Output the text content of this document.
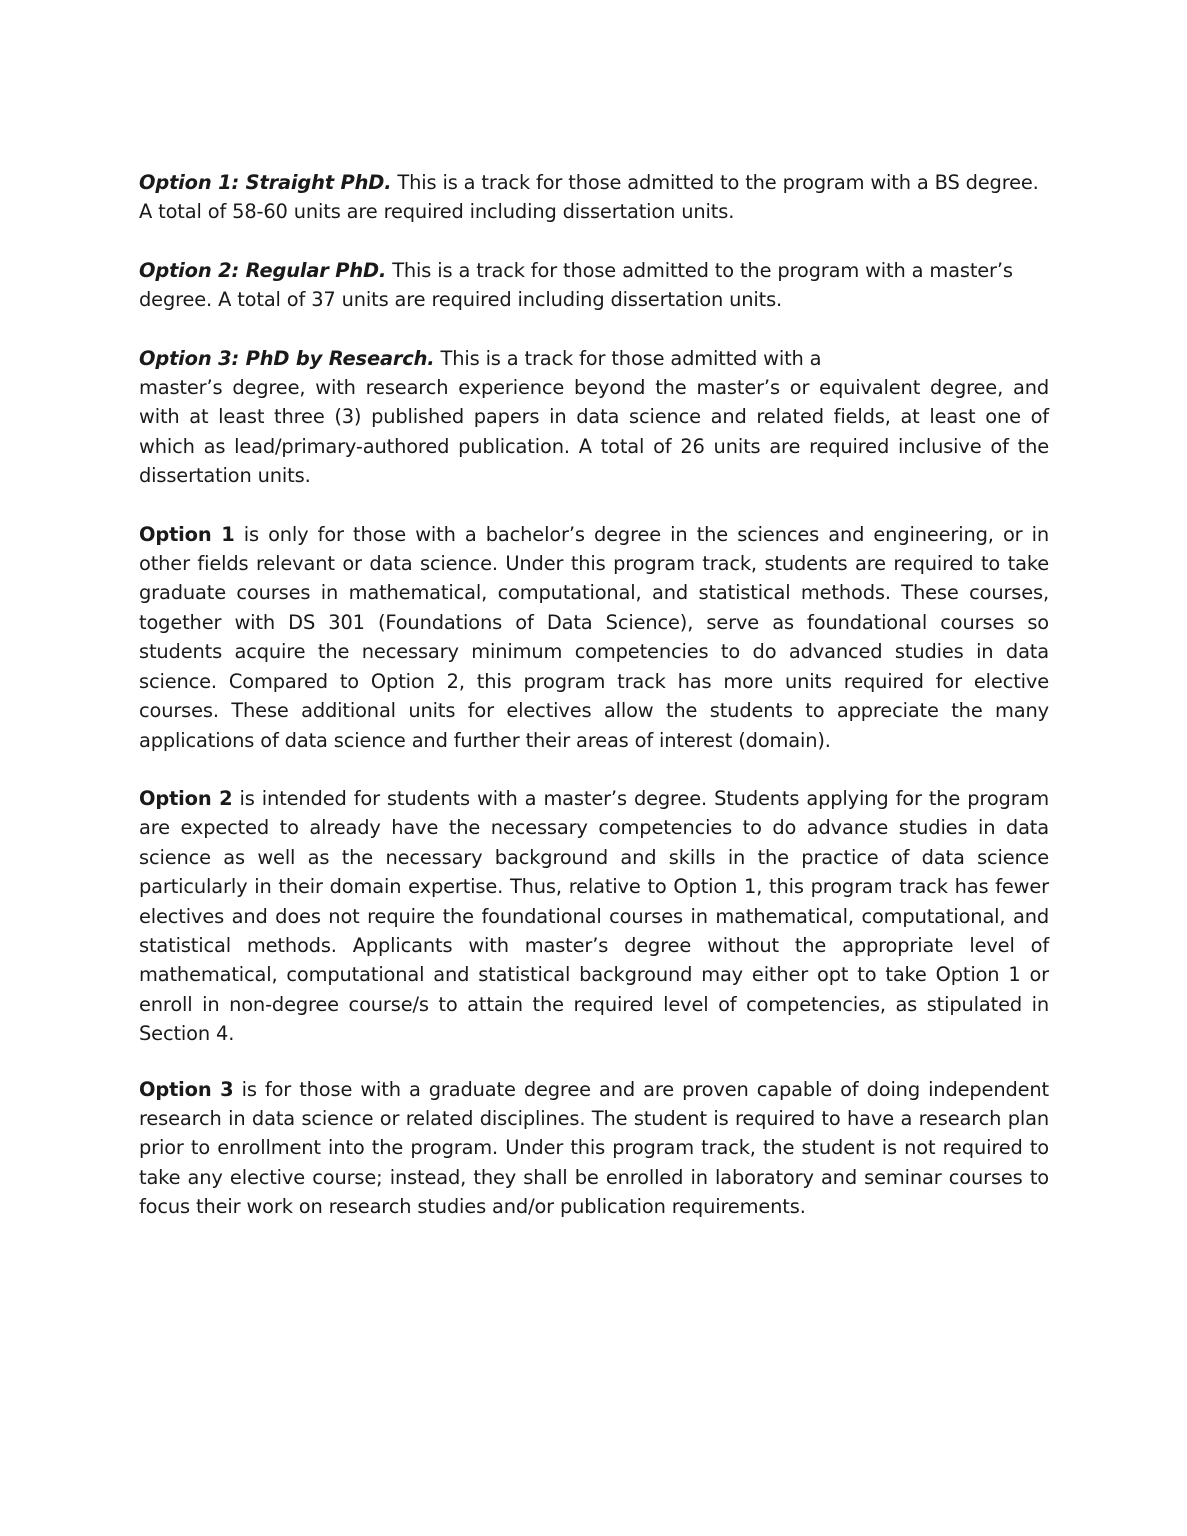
Option 1: Straight PhD. This is a track for those admitted to the program with a BS degree.
A total of 58-60 units are required including dissertation units.

Option 2: Regular PhD. This is a track for those admitted to the program with a master’s
degree. A total of 37 units are required including dissertation units.

Option 3: PhD by Research. This is a track for those admitted with a
master’s degree, with research experience beyond the master’s or equivalent degree, and with at least three (3) published papers in data science and related fields, at least one of which as lead/primary-authored publication. A total of 26 units are required inclusive of the dissertation units.

Option 1 is only for those with a bachelor’s degree in the sciences and engineering, or in other fields relevant or data science. Under this program track, students are required to take graduate courses in mathematical, computational, and statistical methods. These courses, together with DS 301 (Foundations of Data Science), serve as foundational courses so students acquire the necessary minimum competencies to do advanced studies in data science. Compared to Option 2, this program track has more units required for elective courses. These additional units for electives allow the students to appreciate the many applications of data science and further their areas of interest (domain).

Option 2 is intended for students with a master’s degree. Students applying for the program are expected to already have the necessary competencies to do advance studies in data science as well as the necessary background and skills in the practice of data science particularly in their domain expertise. Thus, relative to Option 1, this program track has fewer electives and does not require the foundational courses in mathematical, computational, and statistical methods. Applicants with master’s degree without the appropriate level of mathematical, computational and statistical background may either opt to take Option 1 or enroll in non-degree course/s to attain the required level of competencies, as stipulated in Section 4.

Option 3 is for those with a graduate degree and are proven capable of doing independent research in data science or related disciplines. The student is required to have a research plan prior to enrollment into the program. Under this program track, the student is not required to take any elective course; instead, they shall be enrolled in laboratory and seminar courses to focus their work on research studies and/or publication requirements.
